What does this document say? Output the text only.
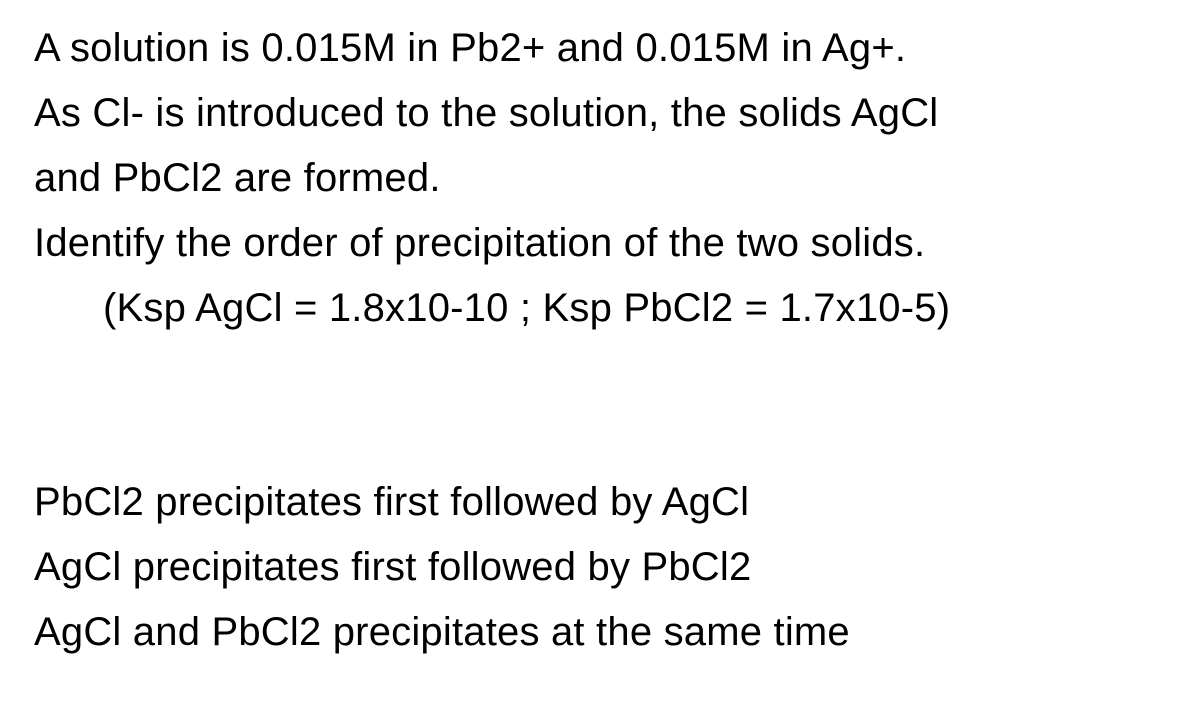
A solution is 0.015M in Pb2+ and 0.015M in Ag+.
As Cl- is introduced to the solution, the solids AgCl
and PbCl2 are formed.
Identify the order of precipitation of the two solids.
(Ksp AgCl = 1.8x10-10 ; Ksp PbCl2 = 1.7x10-5)
PbCl2 precipitates first followed by AgCl
AgCl precipitates first followed by PbCl2
AgCl and PbCl2 precipitates at the same time
